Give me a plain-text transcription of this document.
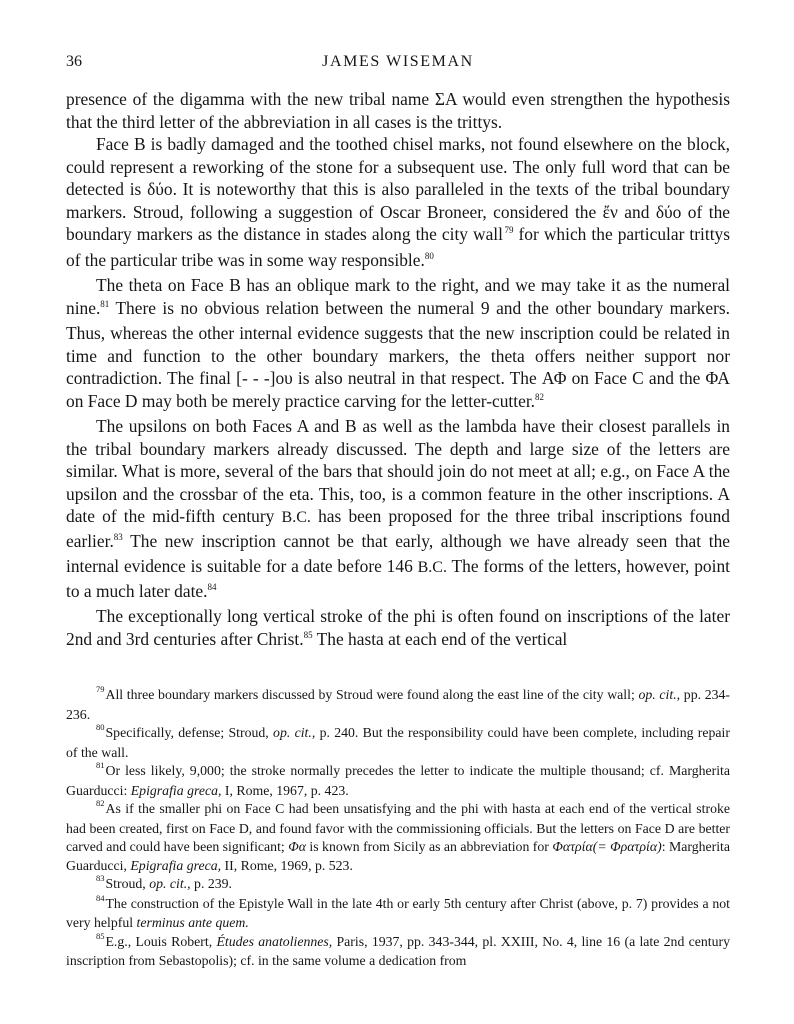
36	JAMES WISEMAN

presence of the digamma with the new tribal name ΣΑ would even strengthen the hypothesis that the third letter of the abbreviation in all cases is the trittys.

Face B is badly damaged and the toothed chisel marks, not found elsewhere on the block, could represent a reworking of the stone for a subsequent use. The only full word that can be detected is δύο. It is noteworthy that this is also paralleled in the texts of the tribal boundary markers. Stroud, following a suggestion of Oscar Broneer, considered the ἔν and δύο of the boundary markers as the distance in stades along the city wall $^{79}$ for which the particular trittys of the particular tribe was in some way responsible.$^{80}$

The theta on Face B has an oblique mark to the right, and we may take it as the numeral nine.$^{81}$ There is no obvious relation between the numeral 9 and the other boundary markers. Thus, whereas the other internal evidence suggests that the new inscription could be related in time and function to the other boundary markers, the theta offers neither support nor contradiction. The final [- - -]ου is also neutral in that respect. The ΑΦ on Face C and the ΦΑ on Face D may both be merely practice carving for the letter-cutter.$^{82}$

The upsilons on both Faces A and B as well as the lambda have their closest parallels in the tribal boundary markers already discussed. The depth and large size of the letters are similar. What is more, several of the bars that should join do not meet at all; e.g., on Face A the upsilon and the crossbar of the eta. This, too, is a common feature in the other inscriptions. A date of the mid-fifth century B.C. has been proposed for the three tribal inscriptions found earlier.$^{83}$ The new inscription cannot be that early, although we have already seen that the internal evidence is suitable for a date before 146 B.C. The forms of the letters, however, point to a much later date.$^{84}$

The exceptionally long vertical stroke of the phi is often found on inscriptions of the later 2nd and 3rd centuries after Christ.$^{85}$ The hasta at each end of the vertical

$^{79}$All three boundary markers discussed by Stroud were found along the east line of the city wall; op. cit., pp. 234-236.

$^{80}$Specifically, defense; Stroud, op. cit., p. 240. But the responsibility could have been complete, including repair of the wall.

$^{81}$Or less likely, 9,000; the stroke normally precedes the letter to indicate the multiple thousand; cf. Margherita Guarducci: Epigrafia greca, I, Rome, 1967, p. 423.

$^{82}$As if the smaller phi on Face C had been unsatisfying and the phi with hasta at each end of the vertical stroke had been created, first on Face D, and found favor with the commissioning officials. But the letters on Face D are better carved and could have been significant; Φα is known from Sicily as an abbreviation for Φατρία(= Φρατρία): Margherita Guarducci, Epigrafia greca, II, Rome, 1969, p. 523.

$^{83}$Stroud, op. cit., p. 239.

$^{84}$The construction of the Epistyle Wall in the late 4th or early 5th century after Christ (above, p. 7) provides a not very helpful terminus ante quem.

$^{85}$E.g., Louis Robert, Études anatoliennes, Paris, 1937, pp. 343-344, pl. XXIII, No. 4, line 16 (a late 2nd century inscription from Sebastopolis); cf. in the same volume a dedication from
